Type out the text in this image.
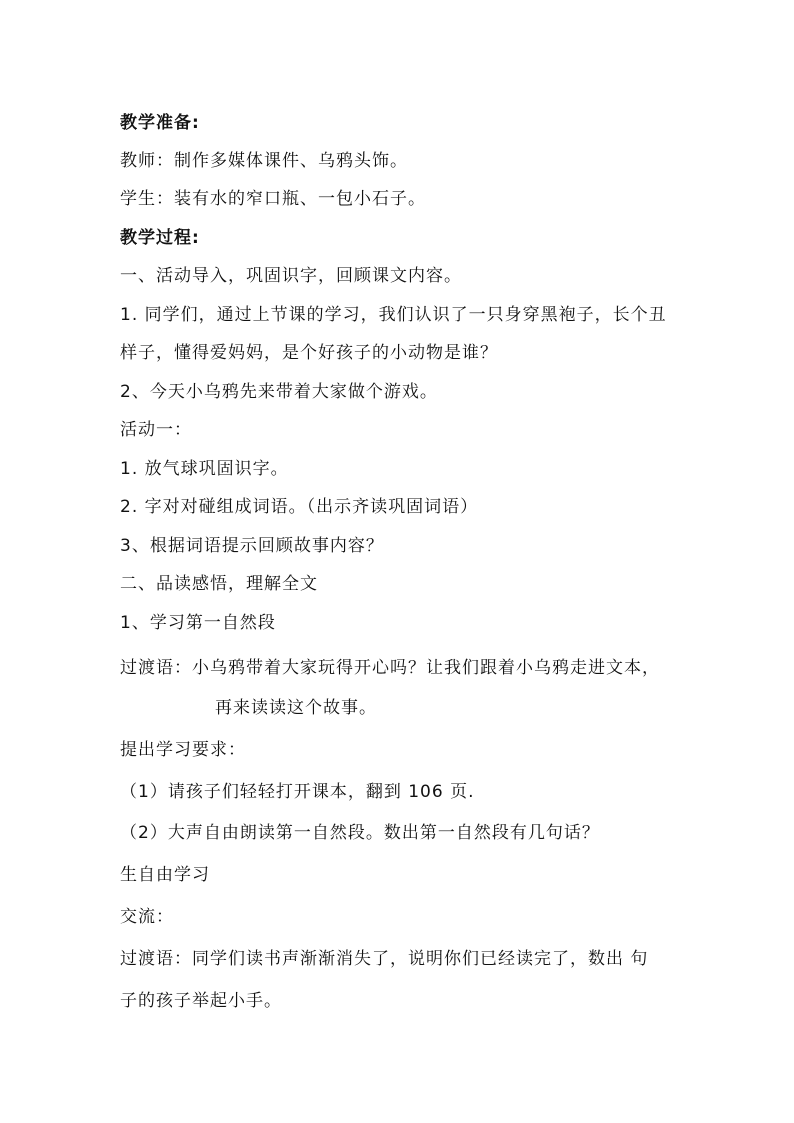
教学准备:
教师：制作多媒体课件、乌鸦头饰。
学生：装有水的窄口瓶、一包小石子。
教学过程:
一、活动导入，巩固识字，回顾课文内容。
1. 同学们，通过上节课的学习，我们认识了一只身穿黑袍子，长个丑
样子，懂得爱妈妈，是个好孩子的小动物是谁？
2、今天小乌鸦先来带着大家做个游戏。
活动一：
1. 放气球巩固识字。
2. 字对对碰组成词语。（出示齐读巩固词语）
3、根据词语提示回顾故事内容？
二、品读感悟，理解全文
1、学习第一自然段
过渡语：小乌鸦带着大家玩得开心吗？让我们跟着小乌鸦走进文本，
再来读读这个故事。
提出学习要求：
（1）请孩子们轻轻打开课本，翻到 106 页.
（2）大声自由朗读第一自然段。数出第一自然段有几句话？
生自由学习
交流：
过渡语：同学们读书声渐渐消失了，说明你们已经读完了，数出 句
子的孩子举起小手。
